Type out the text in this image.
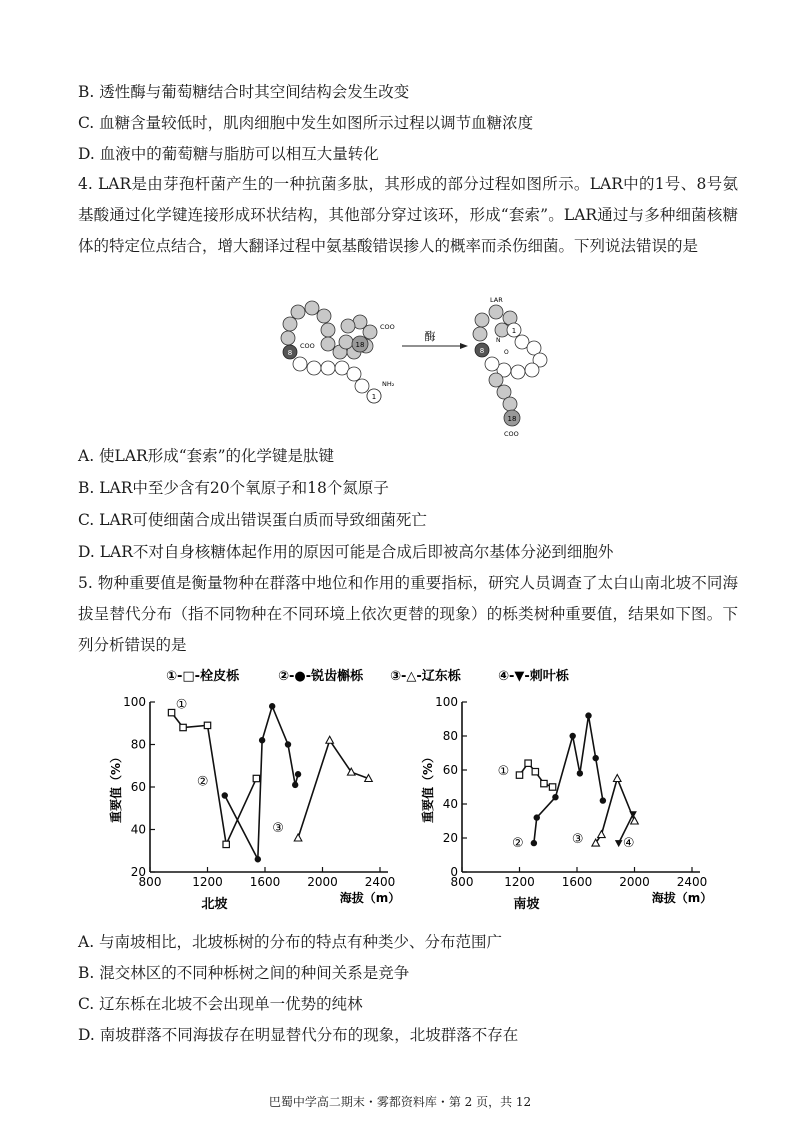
B. 透性酶与葡萄糖结合时其空间结构会发生改变
C. 血糖含量较低时，肌肉细胞中发生如图所示过程以调节血糖浓度
D. 血液中的葡萄糖与脂肪可以相互大量转化
4. LAR是由芽孢杆菌产生的一种抗菌多肽，其形成的部分过程如图所示。LAR中的1号、8号氨基酸通过化学键连接形成环状结构，其他部分穿过该环，形成“套索”。LAR通过与多种细菌核糖体的特定位点结合，增大翻译过程中氨基酸错误掺人的概率而杀伤细菌。下列说法错误的是
18
COO
8
COO
1
NH₂
酶
LAR
1
N
O
8
18
COO
A. 使LAR形成“套索”的化学键是肽键
B. LAR中至少含有20个氧原子和18个氮原子
C. LAR可使细菌合成出错误蛋白质而导致细菌死亡
D. LAR不对自身核糖体起作用的原因可能是合成后即被高尔基体分泌到细胞外
5. 物种重要值是衡量物种在群落中地位和作用的重要指标，研究人员调查了太白山南北坡不同海拔呈替代分布（指不同物种在不同环境上依次更替的现象）的栎类树种重要值，结果如下图。下列分析错误的是
①-□-栓皮栎	②-●-锐齿槲栎 ③-△-辽东栎	④-▼-刺叶栎
20
40
60
80
100
800	1200 1600 2000 2400
重要值（%）
海拔（m）
北坡
①
②
③
0
20
40
60
80
100
800	1200 1600 2000 2400
重要值（%）
海拔（m）
南坡
①
②	③	④
A. 与南坡相比，北坡栎树的分布的特点有种类少、分布范围广
B. 混交林区的不同种栎树之间的种间关系是竞争
C. 辽东栎在北坡不会出现单一优势的纯林
D. 南坡群落不同海拔存在明显替代分布的现象，北坡群落不存在
巴蜀中学高二期末・雾都资料库・第 2 页，共 12
